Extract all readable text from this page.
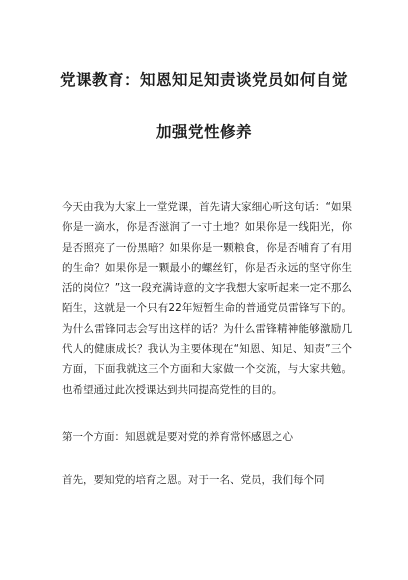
党课教育：知恩知足知责谈党员如何自觉
加强党性修养

今天由我为大家上一堂党课，首先请大家细心听这句话：“如果你是一滴水，你是否滋润了一寸土地？如果你是一线阳光，你是否照亮了一份黑暗？如果你是一颗粮食，你是否哺育了有用的生命？如果你是一颗最小的螺丝钉，你是否永远的坚守你生活的岗位？”这一段充满诗意的文字我想大家听起来一定不那么陌生，这就是一个只有22年短暂生命的普通党员雷锋写下的。为什么雷锋同志会写出这样的话？为什么雷锋精神能够激励几代人的健康成长？我认为主要体现在“知恩、知足、知责”三个方面，下面我就这三个方面和大家做一个交流，与大家共勉。也希望通过此次授课达到共同提高党性的目的。

第一个方面：知恩就是要对党的养育常怀感恩之心

首先，要知党的培育之恩。对于一名、党员，我们每个同
